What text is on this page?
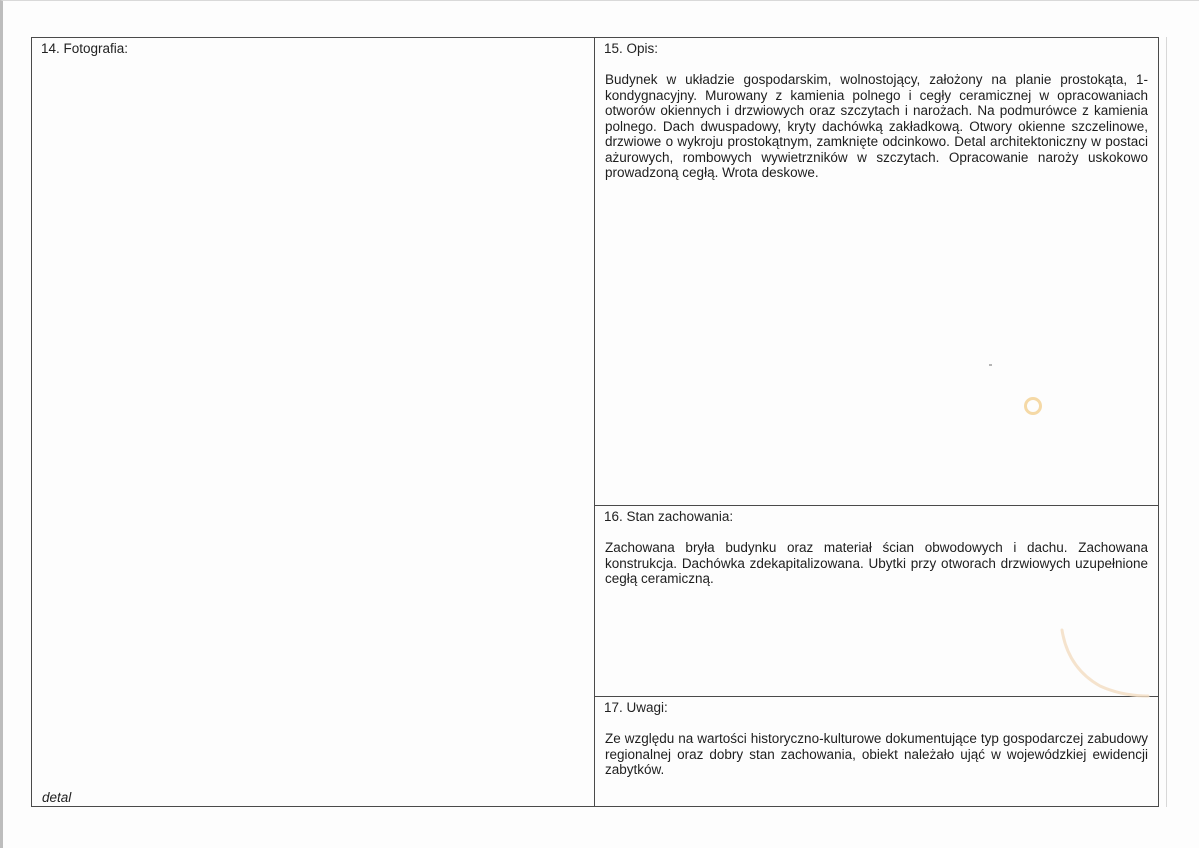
14. Fotografia:
detal
15. Opis:
Budynek w układzie gospodarskim, wolnostojący, założony na planie prostokąta, 1-kondygnacyjny. Murowany z kamienia polnego i cegły ceramicznej w opracowaniach otworów okiennych i drzwiowych oraz szczytach i narożach. Na podmurówce z kamienia polnego. Dach dwuspadowy, kryty dachówką zakładkową. Otwory okienne szczelinowe, drzwiowe o wykroju prostokątnym, zamknięte odcinkowo. Detal architektoniczny w postaci ażurowych, rombowych wywietrzników w szczytach. Opracowanie naroży uskokowo prowadzoną cegłą. Wrota deskowe.
16. Stan zachowania:
Zachowana bryła budynku oraz materiał ścian obwodowych i dachu. Zachowana konstrukcja. Dachówka zdekapitalizowana. Ubytki przy otworach drzwiowych uzupełnione cegłą ceramiczną.
17. Uwagi:
Ze względu na wartości historyczno-kulturowe dokumentujące typ gospodarczej zabudowy regionalnej oraz dobry stan zachowania, obiekt należało ująć w wojewódzkiej ewidencji zabytków.
